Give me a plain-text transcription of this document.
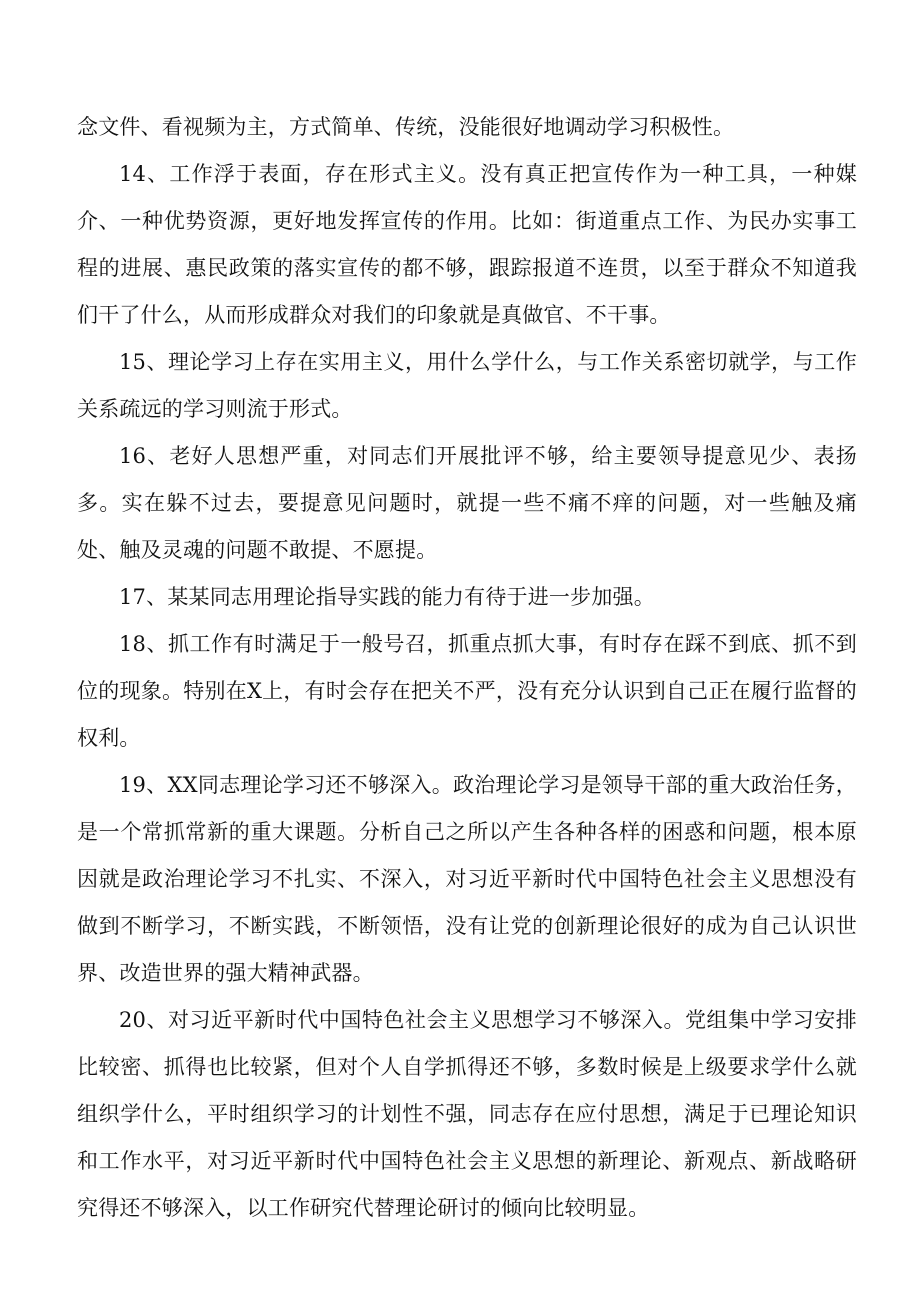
念文件、看视频为主，方式简单、传统，没能很好地调动学习积极性。

14、工作浮于表面，存在形式主义。没有真正把宣传作为一种工具，一种媒介、一种优势资源，更好地发挥宣传的作用。比如：街道重点工作、为民办实事工程的进展、惠民政策的落实宣传的都不够，跟踪报道不连贯，以至于群众不知道我们干了什么，从而形成群众对我们的印象就是真做官、不干事。

15、理论学习上存在实用主义，用什么学什么，与工作关系密切就学，与工作关系疏远的学习则流于形式。

16、老好人思想严重，对同志们开展批评不够，给主要领导提意见少、表扬多。实在躲不过去，要提意见问题时，就提一些不痛不痒的问题，对一些触及痛处、触及灵魂的问题不敢提、不愿提。

17、某某同志用理论指导实践的能力有待于进一步加强。

18、抓工作有时满足于一般号召，抓重点抓大事，有时存在踩不到底、抓不到位的现象。特别在X上，有时会存在把关不严，没有充分认识到自己正在履行监督的权利。

19、XX同志理论学习还不够深入。政治理论学习是领导干部的重大政治任务，是一个常抓常新的重大课题。分析自己之所以产生各种各样的困惑和问题，根本原因就是政治理论学习不扎实、不深入，对习近平新时代中国特色社会主义思想没有做到不断学习，不断实践，不断领悟，没有让党的创新理论很好的成为自己认识世界、改造世界的强大精神武器。

20、对习近平新时代中国特色社会主义思想学习不够深入。党组集中学习安排比较密、抓得也比较紧，但对个人自学抓得还不够，多数时候是上级要求学什么就组织学什么，平时组织学习的计划性不强，同志存在应付思想，满足于已理论知识和工作水平，对习近平新时代中国特色社会主义思想的新理论、新观点、新战略研究得还不够深入，以工作研究代替理论研讨的倾向比较明显。
